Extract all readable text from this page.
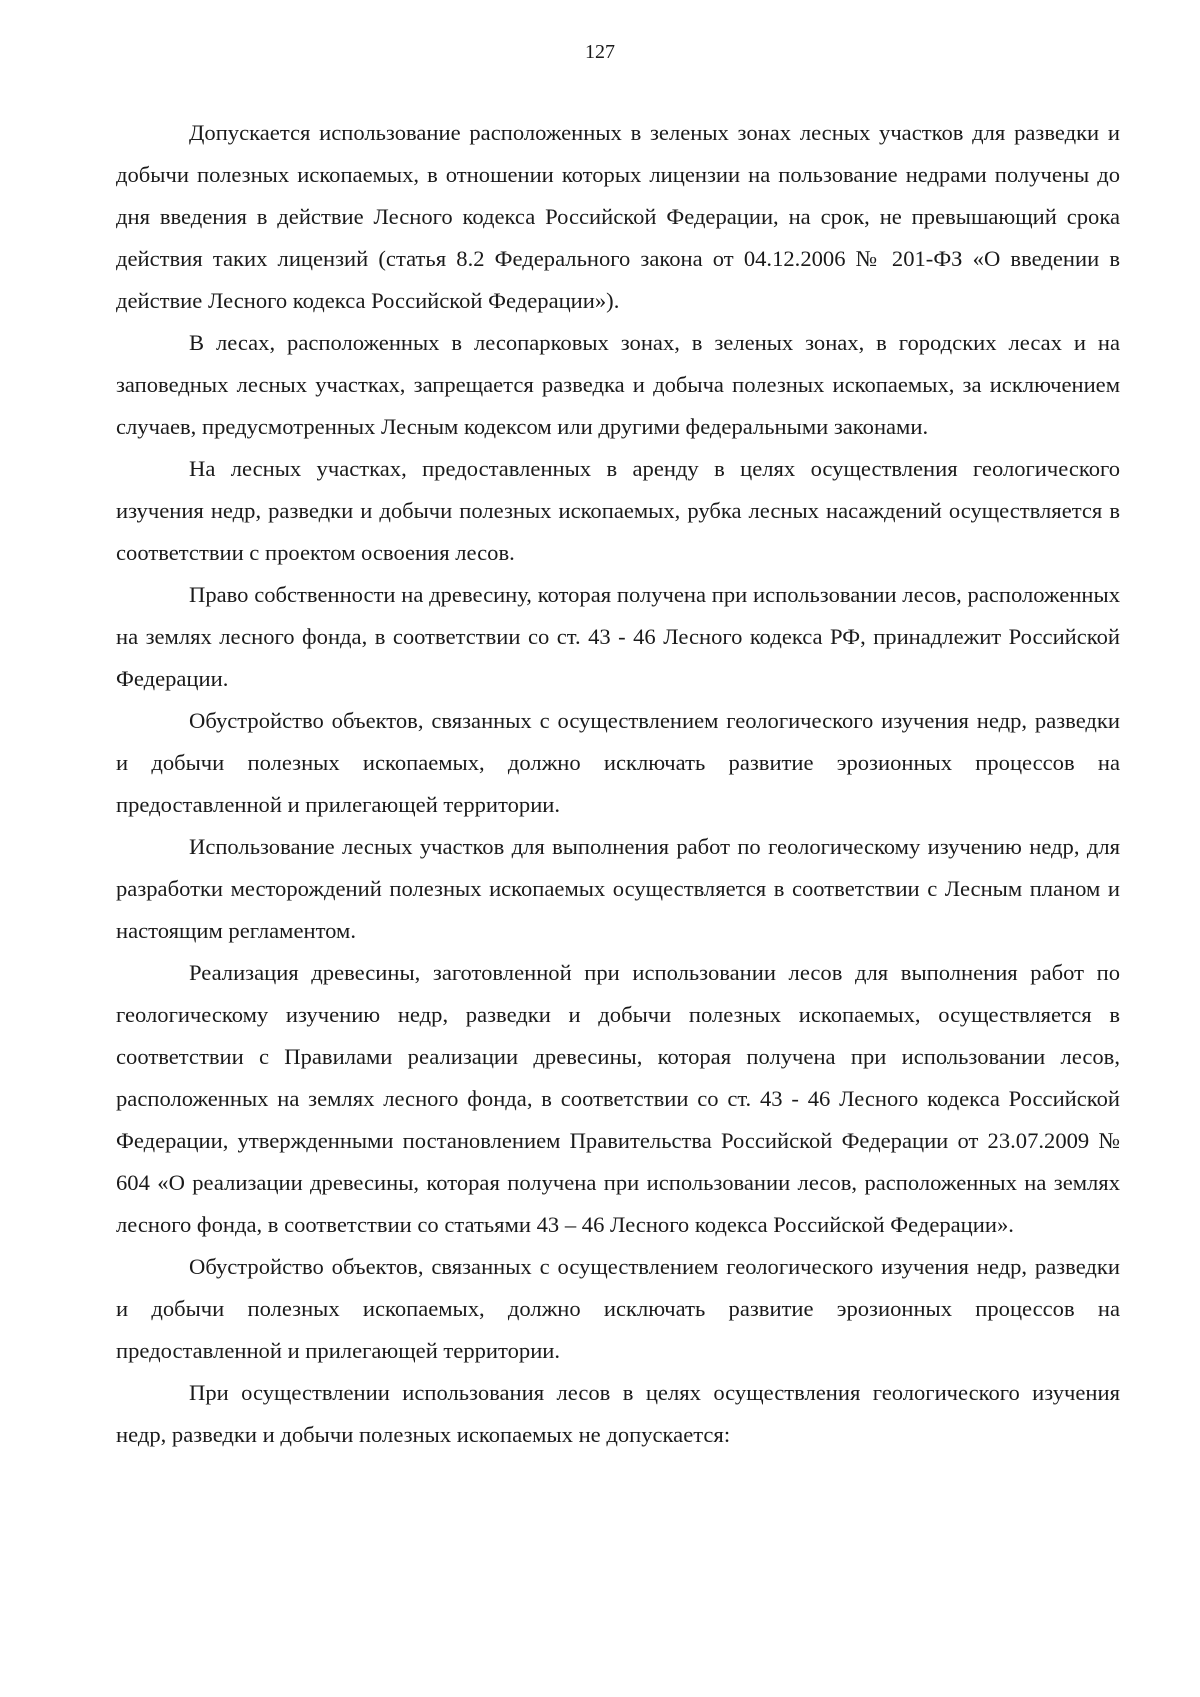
127

Допускается использование расположенных в зеленых зонах лесных участков для разведки и добычи полезных ископаемых, в отношении которых лицензии на пользование недрами получены до дня введения в действие Лесного кодекса Российской Федерации, на срок, не превышающий срока действия таких лицензий (статья 8.2 Федерального закона от 04.12.2006 № 201-ФЗ «О введении в действие Лесного кодекса Российской Федерации»).

В лесах, расположенных в лесопарковых зонах, в зеленых зонах, в городских лесах и на заповедных лесных участках, запрещается разведка и добыча полезных ископаемых, за исключением случаев, предусмотренных Лесным кодексом или другими федеральными законами.

На лесных участках, предоставленных в аренду в целях осуществления геологического изучения недр, разведки и добычи полезных ископаемых, рубка лесных насаждений осуществляется в соответствии с проектом освоения лесов.

Право собственности на древесину, которая получена при использовании лесов, расположенных на землях лесного фонда, в соответствии со ст. 43 - 46 Лесного кодекса РФ, принадлежит Российской Федерации.

Обустройство объектов, связанных с осуществлением геологического изучения недр, разведки и добычи полезных ископаемых, должно исключать развитие эрозионных процессов на предоставленной и прилегающей территории.

Использование лесных участков для выполнения работ по геологическому изучению недр, для разработки месторождений полезных ископаемых осуществляется в соответствии с Лесным планом и настоящим регламентом.

Реализация древесины, заготовленной при использовании лесов для выполнения работ по геологическому изучению недр, разведки и добычи полезных ископаемых, осуществляется в соответствии с Правилами реализации древесины, которая получена при использовании лесов, расположенных на землях лесного фонда, в соответствии со ст. 43 - 46 Лесного кодекса Российской Федерации, утвержденными постановлением Правительства Российской Федерации от 23.07.2009 № 604 «О реализации древесины, которая получена при использовании лесов, расположенных на землях лесного фонда, в соответствии со статьями 43 – 46 Лесного кодекса Российской Федерации».

Обустройство объектов, связанных с осуществлением геологического изучения недр, разведки и добычи полезных ископаемых, должно исключать развитие эрозионных процессов на предоставленной и прилегающей территории.

При осуществлении использования лесов в целях осуществления геологического изучения недр, разведки и добычи полезных ископаемых не допускается:
